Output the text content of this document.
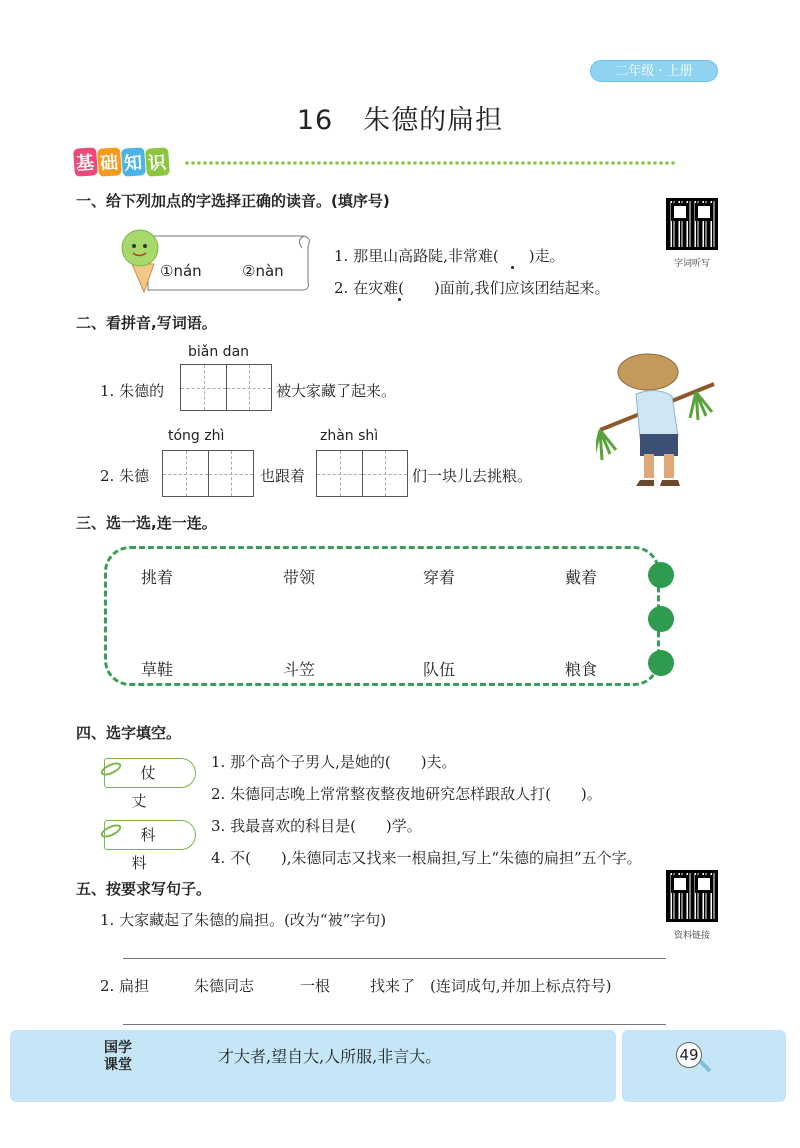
二年级 · 上册
16 朱德的扁担
基 础 知 识
一、给下列加点的字选择正确的读音。(填序号)
字词听写
①nán	②nàn
1. 那里山高路陡,非常难(　　)走。
2. 在灾难(　　)面前,我们应该团结起来。
二、看拼音,写词语。
biǎn dan
1. 朱德的	被大家藏了起来。
tóng zhì	zhàn shì
2. 朱德	也跟着	们一块儿去挑粮。
三、选一选,连一连。
挑着	带领	穿着	戴着
草鞋	斗笠	队伍	粮食
四、选字填空。
仗丈
科料
1. 那个高个子男人,是她的(　　)夫。
2. 朱德同志晚上常常整夜整夜地研究怎样跟敌人打(　　)。
3. 我最喜欢的科目是(　　)学。
4. 不(　　),朱德同志又找来一根扁担,写上“朱德的扁担”五个字。
五、按要求写句子。
资料链接
1. 大家藏起了朱德的扁担。(改为“被”字句)
2. 扁担	朱德同志	一根	找来了 (连词成句,并加上标点符号)
国学课堂	才大者,望自大,人所服,非言大。	49
